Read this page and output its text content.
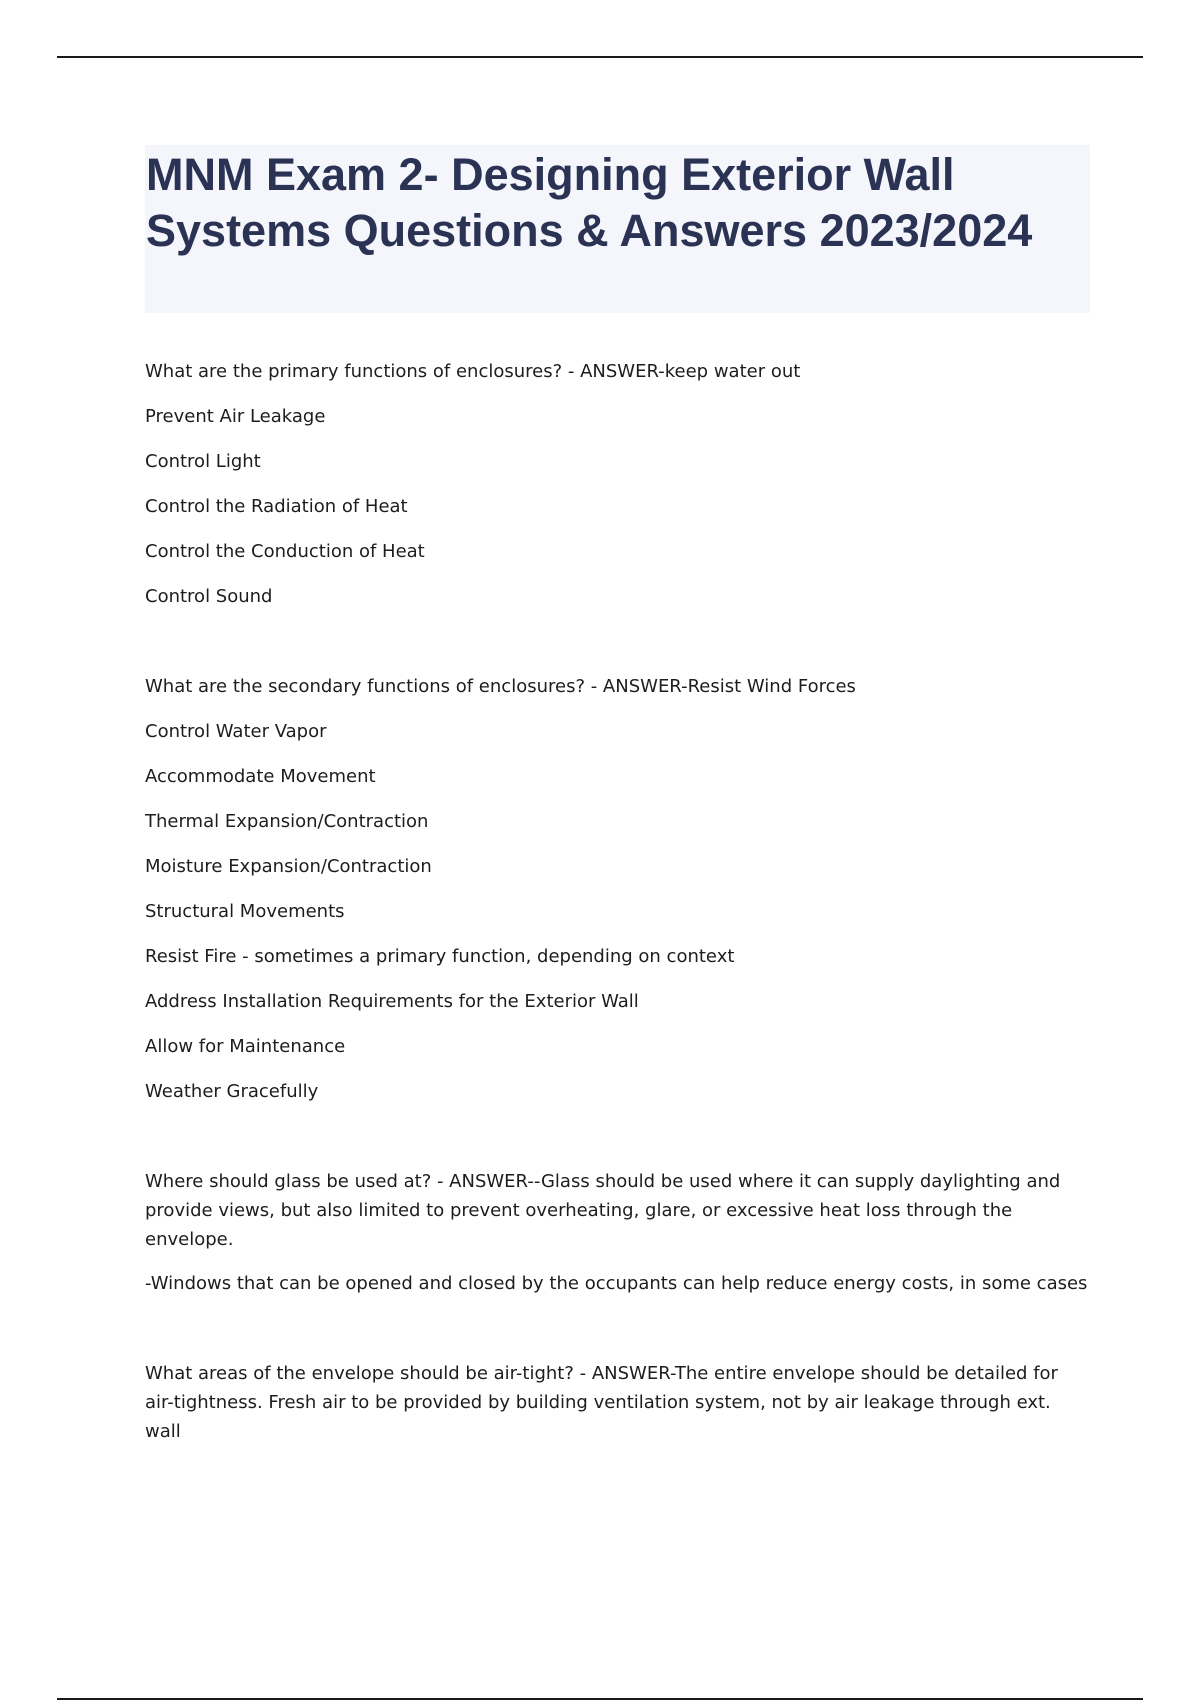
MNM Exam 2- Designing Exterior Wall Systems Questions & Answers 2023/2024

What are the primary functions of enclosures? - ANSWER-keep water out

Prevent Air Leakage

Control Light

Control the Radiation of Heat

Control the Conduction of Heat

Control Sound

What are the secondary functions of enclosures? - ANSWER-Resist Wind Forces

Control Water Vapor

Accommodate Movement

Thermal Expansion/Contraction

Moisture Expansion/Contraction

Structural Movements

Resist Fire - sometimes a primary function, depending on context

Address Installation Requirements for the Exterior Wall

Allow for Maintenance

Weather Gracefully

Where should glass be used at? - ANSWER--Glass should be used where it can supply daylighting and provide views, but also limited to prevent overheating, glare, or excessive heat loss through the envelope.

-Windows that can be opened and closed by the occupants can help reduce energy costs, in some cases

What areas of the envelope should be air-tight? - ANSWER-The entire envelope should be detailed for air-tightness. Fresh air to be provided by building ventilation system, not by air leakage through ext. wall
